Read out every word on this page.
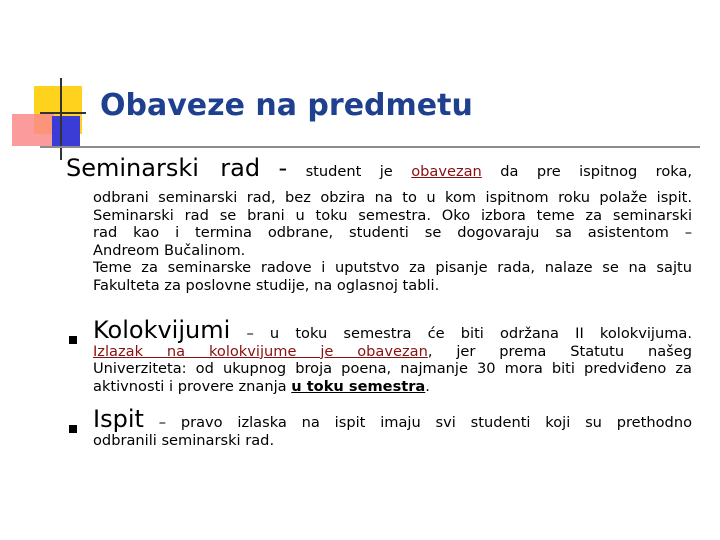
Obaveze na predmetu
Seminarski rad - student je obavezan da pre ispitnog roka,
odbrani seminarski rad, bez obzira na to u kom ispitnom roku polaže ispit.
Seminarski rad se brani u toku semestra. Oko izbora teme za seminarski
rad kao i termina odbrane, studenti se dogovaraju sa asistentom –
Andreom Bučalinom.
Teme za seminarske radove i uputstvo za pisanje rada, nalaze se na sajtu
Fakulteta za poslovne studije, na oglasnoj tabli.
Kolokvijumi – u toku semestra će biti održana II kolokvijuma.
Izlazak na kolokvijume je obavezan, jer prema Statutu našeg
Univerziteta: od ukupnog broja poena, najmanje 30 mora biti predviđeno za
aktivnosti i provere znanja u toku semestra.
Ispit – pravo izlaska na ispit imaju svi studenti koji su prethodno
odbranili seminarski rad.
